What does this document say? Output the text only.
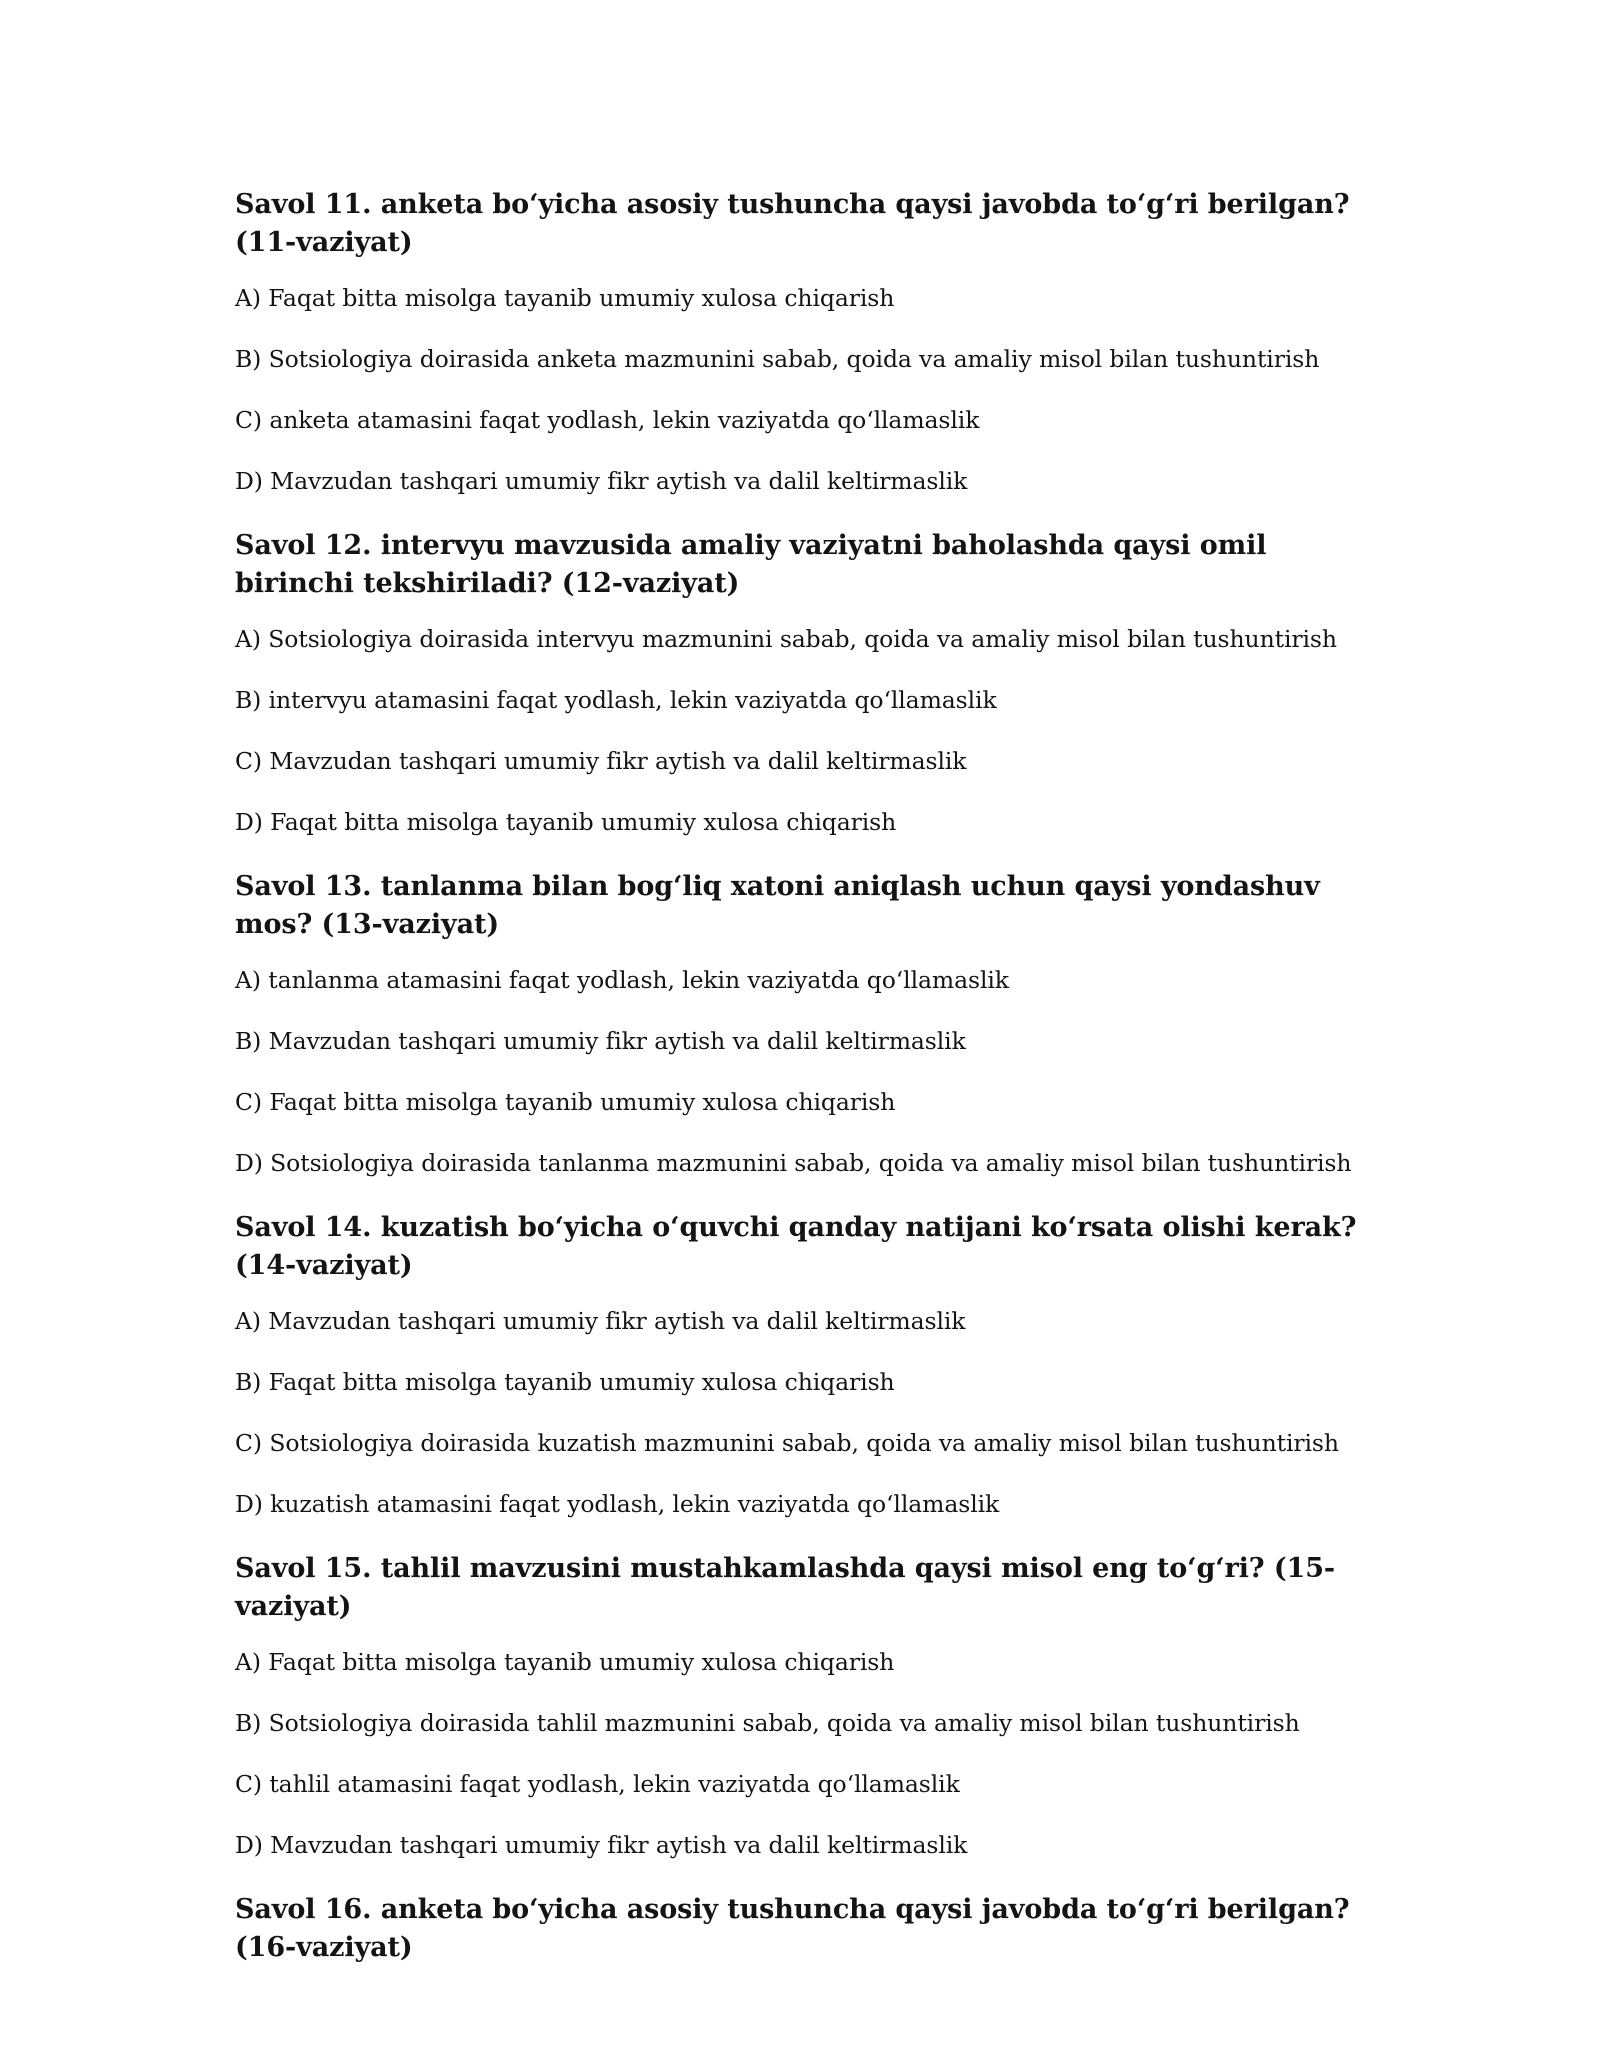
Savol 11. anketa bo‘yicha asosiy tushuncha qaysi javobda to‘g‘ri berilgan? (11-vaziyat)

A) Faqat bitta misolga tayanib umumiy xulosa chiqarish

B) Sotsiologiya doirasida anketa mazmunini sabab, qoida va amaliy misol bilan tushuntirish

C) anketa atamasini faqat yodlash, lekin vaziyatda qo‘llamaslik

D) Mavzudan tashqari umumiy fikr aytish va dalil keltirmaslik

Savol 12. intervyu mavzusida amaliy vaziyatni baholashda qaysi omil birinchi tekshiriladi? (12-vaziyat)

A) Sotsiologiya doirasida intervyu mazmunini sabab, qoida va amaliy misol bilan tushuntirish

B) intervyu atamasini faqat yodlash, lekin vaziyatda qo‘llamaslik

C) Mavzudan tashqari umumiy fikr aytish va dalil keltirmaslik

D) Faqat bitta misolga tayanib umumiy xulosa chiqarish

Savol 13. tanlanma bilan bog‘liq xatoni aniqlash uchun qaysi yondashuv mos? (13-vaziyat)

A) tanlanma atamasini faqat yodlash, lekin vaziyatda qo‘llamaslik

B) Mavzudan tashqari umumiy fikr aytish va dalil keltirmaslik

C) Faqat bitta misolga tayanib umumiy xulosa chiqarish

D) Sotsiologiya doirasida tanlanma mazmunini sabab, qoida va amaliy misol bilan tushuntirish

Savol 14. kuzatish bo‘yicha o‘quvchi qanday natijani ko‘rsata olishi kerak? (14-vaziyat)

A) Mavzudan tashqari umumiy fikr aytish va dalil keltirmaslik

B) Faqat bitta misolga tayanib umumiy xulosa chiqarish

C) Sotsiologiya doirasida kuzatish mazmunini sabab, qoida va amaliy misol bilan tushuntirish

D) kuzatish atamasini faqat yodlash, lekin vaziyatda qo‘llamaslik

Savol 15. tahlil mavzusini mustahkamlashda qaysi misol eng to‘g‘ri? (15-vaziyat)

A) Faqat bitta misolga tayanib umumiy xulosa chiqarish

B) Sotsiologiya doirasida tahlil mazmunini sabab, qoida va amaliy misol bilan tushuntirish

C) tahlil atamasini faqat yodlash, lekin vaziyatda qo‘llamaslik

D) Mavzudan tashqari umumiy fikr aytish va dalil keltirmaslik

Savol 16. anketa bo‘yicha asosiy tushuncha qaysi javobda to‘g‘ri berilgan? (16-vaziyat)
